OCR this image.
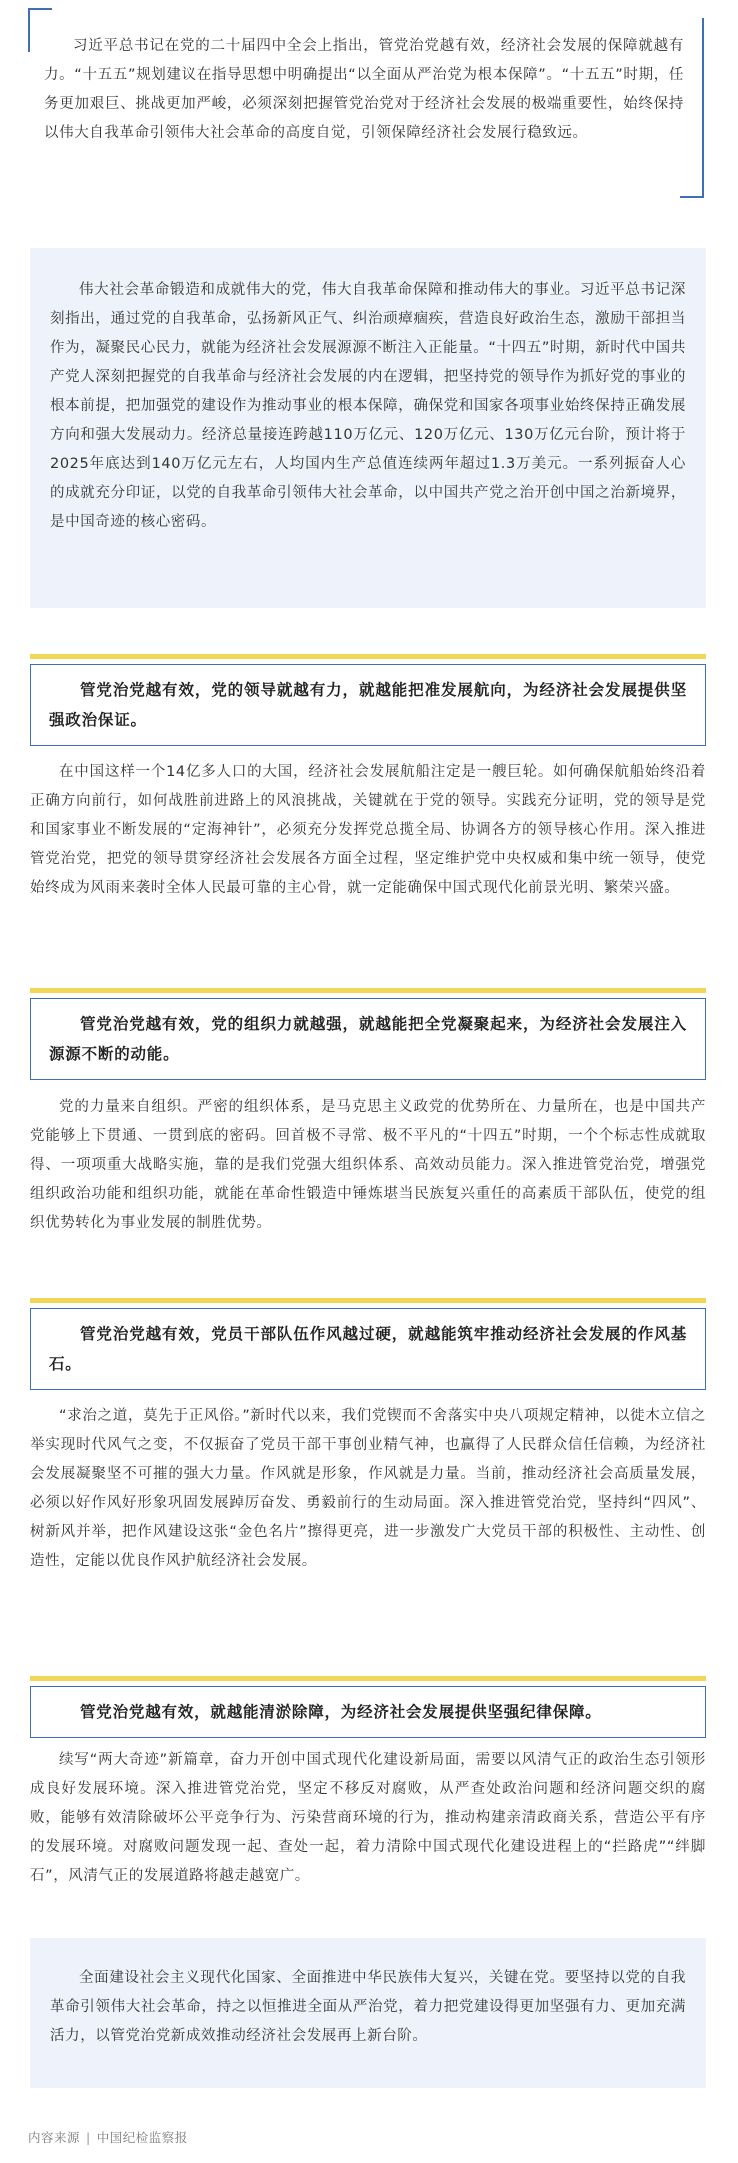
习近平总书记在党的二十届四中全会上指出，管党治党越有效，经济社会发展的保障就越有力。“十五五”规划建议在指导思想中明确提出“以全面从严治党为根本保障”。“十五五”时期，任务更加艰巨、挑战更加严峻，必须深刻把握管党治党对于经济社会发展的极端重要性，始终保持以伟大自我革命引领伟大社会革命的高度自觉，引领保障经济社会发展行稳致远。

伟大社会革命锻造和成就伟大的党，伟大自我革命保障和推动伟大的事业。习近平总书记深刻指出，通过党的自我革命，弘扬新风正气、纠治顽瘴痼疾，营造良好政治生态，激励干部担当作为，凝聚民心民力，就能为经济社会发展源源不断注入正能量。“十四五”时期，新时代中国共产党人深刻把握党的自我革命与经济社会发展的内在逻辑，把坚持党的领导作为抓好党的事业的根本前提，把加强党的建设作为推动事业的根本保障，确保党和国家各项事业始终保持正确发展方向和强大发展动力。经济总量接连跨越110万亿元、120万亿元、130万亿元台阶，预计将于2025年底达到140万亿元左右，人均国内生产总值连续两年超过1.3万美元。一系列振奋人心的成就充分印证，以党的自我革命引领伟大社会革命，以中国共产党之治开创中国之治新境界，是中国奇迹的核心密码。

管党治党越有效，党的领导就越有力，就越能把准发展航向，为经济社会发展提供坚强政治保证。

在中国这样一个14亿多人口的大国，经济社会发展航船注定是一艘巨轮。如何确保航船始终沿着正确方向前行，如何战胜前进路上的风浪挑战，关键就在于党的领导。实践充分证明，党的领导是党和国家事业不断发展的“定海神针”，必须充分发挥党总揽全局、协调各方的领导核心作用。深入推进管党治党，把党的领导贯穿经济社会发展各方面全过程，坚定维护党中央权威和集中统一领导，使党始终成为风雨来袭时全体人民最可靠的主心骨，就一定能确保中国式现代化前景光明、繁荣兴盛。

管党治党越有效，党的组织力就越强，就越能把全党凝聚起来，为经济社会发展注入源源不断的动能。

党的力量来自组织。严密的组织体系，是马克思主义政党的优势所在、力量所在，也是中国共产党能够上下贯通、一贯到底的密码。回首极不寻常、极不平凡的“十四五”时期，一个个标志性成就取得、一项项重大战略实施，靠的是我们党强大组织体系、高效动员能力。深入推进管党治党，增强党组织政治功能和组织功能，就能在革命性锻造中锤炼堪当民族复兴重任的高素质干部队伍，使党的组织优势转化为事业发展的制胜优势。

管党治党越有效，党员干部队伍作风越过硬，就越能筑牢推动经济社会发展的作风基石。

“求治之道，莫先于正风俗。”新时代以来，我们党锲而不舍落实中央八项规定精神，以徙木立信之举实现时代风气之变，不仅振奋了党员干部干事创业精气神，也赢得了人民群众信任信赖，为经济社会发展凝聚坚不可摧的强大力量。作风就是形象，作风就是力量。当前，推动经济社会高质量发展，必须以好作风好形象巩固发展踔厉奋发、勇毅前行的生动局面。深入推进管党治党，坚持纠“四风”、树新风并举，把作风建设这张“金色名片”擦得更亮，进一步激发广大党员干部的积极性、主动性、创造性，定能以优良作风护航经济社会发展。

管党治党越有效，就越能清淤除障，为经济社会发展提供坚强纪律保障。

续写“两大奇迹”新篇章，奋力开创中国式现代化建设新局面，需要以风清气正的政治生态引领形成良好发展环境。深入推进管党治党，坚定不移反对腐败，从严查处政治问题和经济问题交织的腐败，能够有效清除破坏公平竞争行为、污染营商环境的行为，推动构建亲清政商关系，营造公平有序的发展环境。对腐败问题发现一起、查处一起，着力清除中国式现代化建设进程上的“拦路虎”“绊脚石”，风清气正的发展道路将越走越宽广。

全面建设社会主义现代化国家、全面推进中华民族伟大复兴，关键在党。要坚持以党的自我革命引领伟大社会革命，持之以恒推进全面从严治党，着力把党建设得更加坚强有力、更加充满活力，以管党治党新成效推动经济社会发展再上新台阶。

内容来源 | 中国纪检监察报
